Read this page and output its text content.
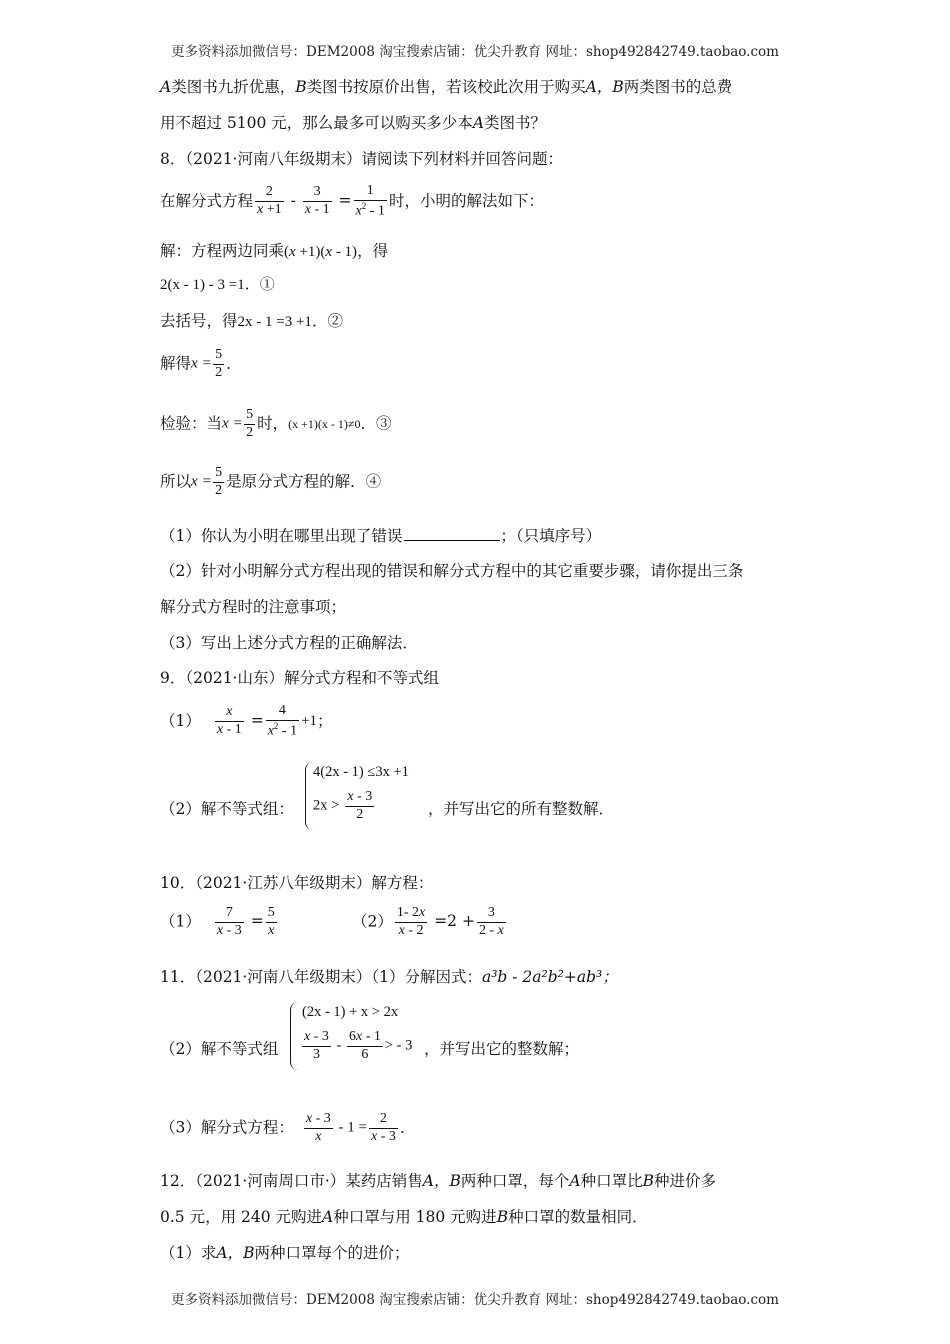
更多资料添加微信号：DEM2008 淘宝搜索店铺：优尖升教育 网址：shop492842749.taobao.com
A类图书九折优惠，B类图书按原价出售，若该校此次用于购买A，B两类图书的总费
用不超过 5100 元，那么最多可以购买多少本A类图书？
8．（2021·河南八年级期末）请阅读下列材料并回答问题：
在解分式方程 $\frac{2}{x +1} - \frac{3}{x - 1} = \frac{1}{x^2 - 1}$ 时，小明的解法如下：
解：方程两边同乘(x +1)(x - 1)，得
2(x - 1) - 3 =1．①
去括号，得2x - 1 =3 +1．②
解得$x = \frac{5}{2}$ ．
检验：当$x = \frac{5}{2}$ 时，(x +1)(x - 1)≠0．③
所以$x = \frac{5}{2}$ 是原分式方程的解．④
（1）你认为小明在哪里出现了错误	；（只填序号）
（2）针对小明解分式方程出现的错误和解分式方程中的其它重要步骤，请你提出三条
解分式方程时的注意事项；
（3）写出上述分式方程的正确解法．
9．（2021·山东）解分式方程和不等式组
$(1) \frac{x}{x - 1} = \frac{4}{x^2 - 1} +1$；
（2）解不等式组：
4(2x - 1) ≤3x +1
$2x > \frac{x - 3}{2}$	，并写出它的所有整数解．
10．（2021·江苏八年级期末）解方程：
$(1) \frac{7}{x - 3} = \frac{5}{x}$	$(2) \frac{1- 2x}{x - 2} =2 + \frac{3}{2 - x}$
11．（2021·河南八年级期末）（1）分解因式：a³b - 2a²b²+ab³；
（2）解不等式组
(2x - 1) + x > 2x
$\frac{x - 3}{3} - \frac{6x - 1}{6}$ > - 3 ，并写出它的整数解；
（3）解分式方程： $\frac{x - 3}{x} - 1 = \frac{2}{x - 3}$ ．
12．（2021·河南周口市·）某药店销售A，B两种口罩，每个A种口罩比B种进价多
0.5 元，用 240 元购进A种口罩与用 180 元购进B种口罩的数量相同．
（1）求A，B两种口罩每个的进价；
更多资料添加微信号：DEM2008 淘宝搜索店铺：优尖升教育 网址：shop492842749.taobao.com
